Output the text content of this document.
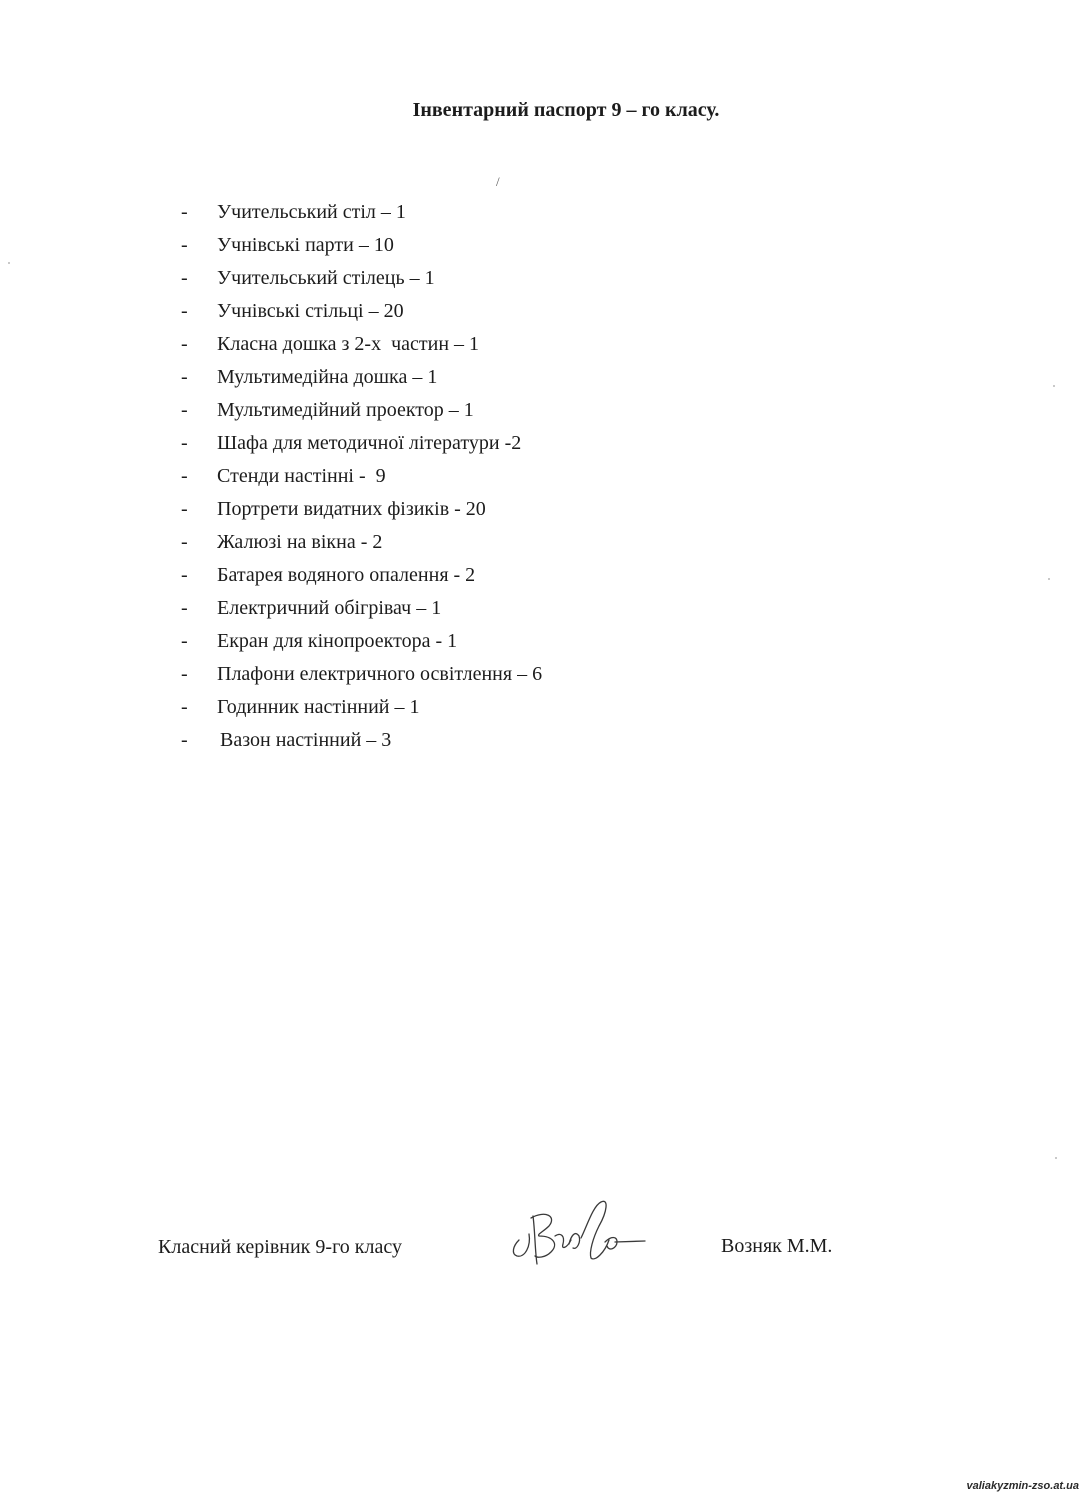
Інвентарний паспорт 9 – го класу.
/
- Учительський стіл – 1
- Учнівські парти – 10
- Учительський стілець – 1
- Учнівські стільці – 20
- Класна дошка з 2-х  частин – 1
- Мультимедійна дошка – 1
- Мультимедійний проектор – 1
- Шафа для методичної літератури -2
- Стенди настінні -  9
- Портрети видатних фізиків - 20
- Жалюзі на вікна - 2
- Батарея водяного опалення - 2
- Електричний обігрівач – 1
- Екран для кінопроектора - 1
- Плафони електричного освітлення – 6
- Годинник настінний – 1
- Вазон настінний – 3
Класний керівник 9-го класу	Возняк М.М.
valiakyzmin-zso.at.ua
